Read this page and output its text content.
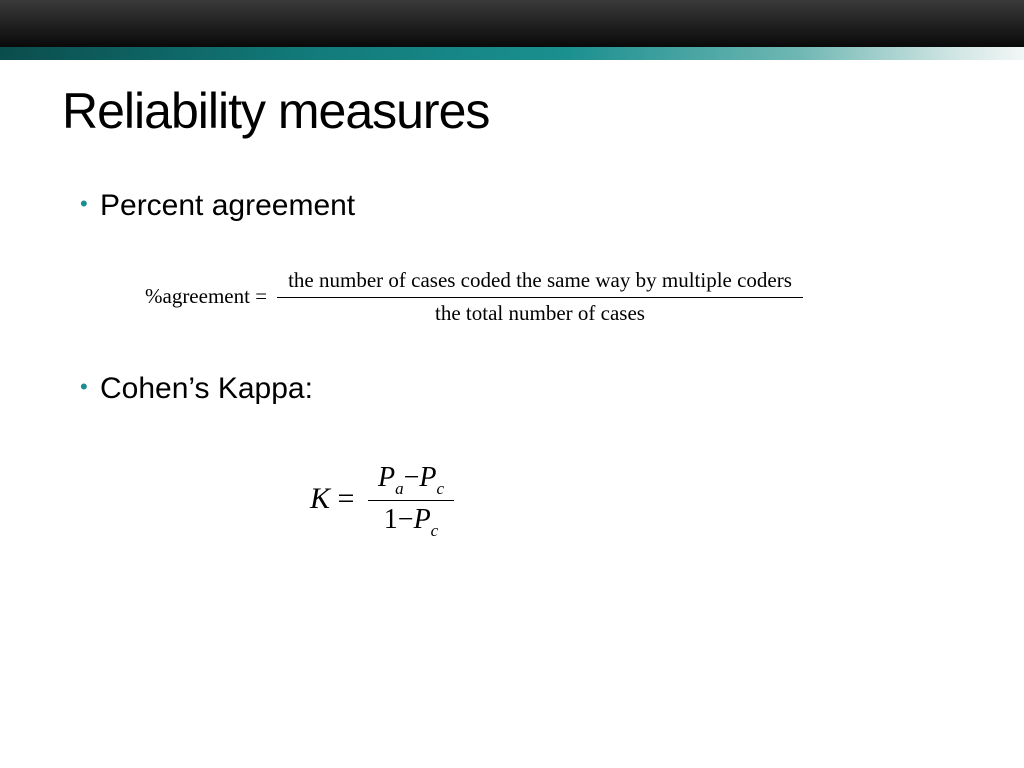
Reliability measures
• Percent agreement
%agreement =
the number of cases coded the same way by multiple coders
the total number of cases
• Cohen’s Kappa:
K =
$P_a-P_c$
$1-P_c$
